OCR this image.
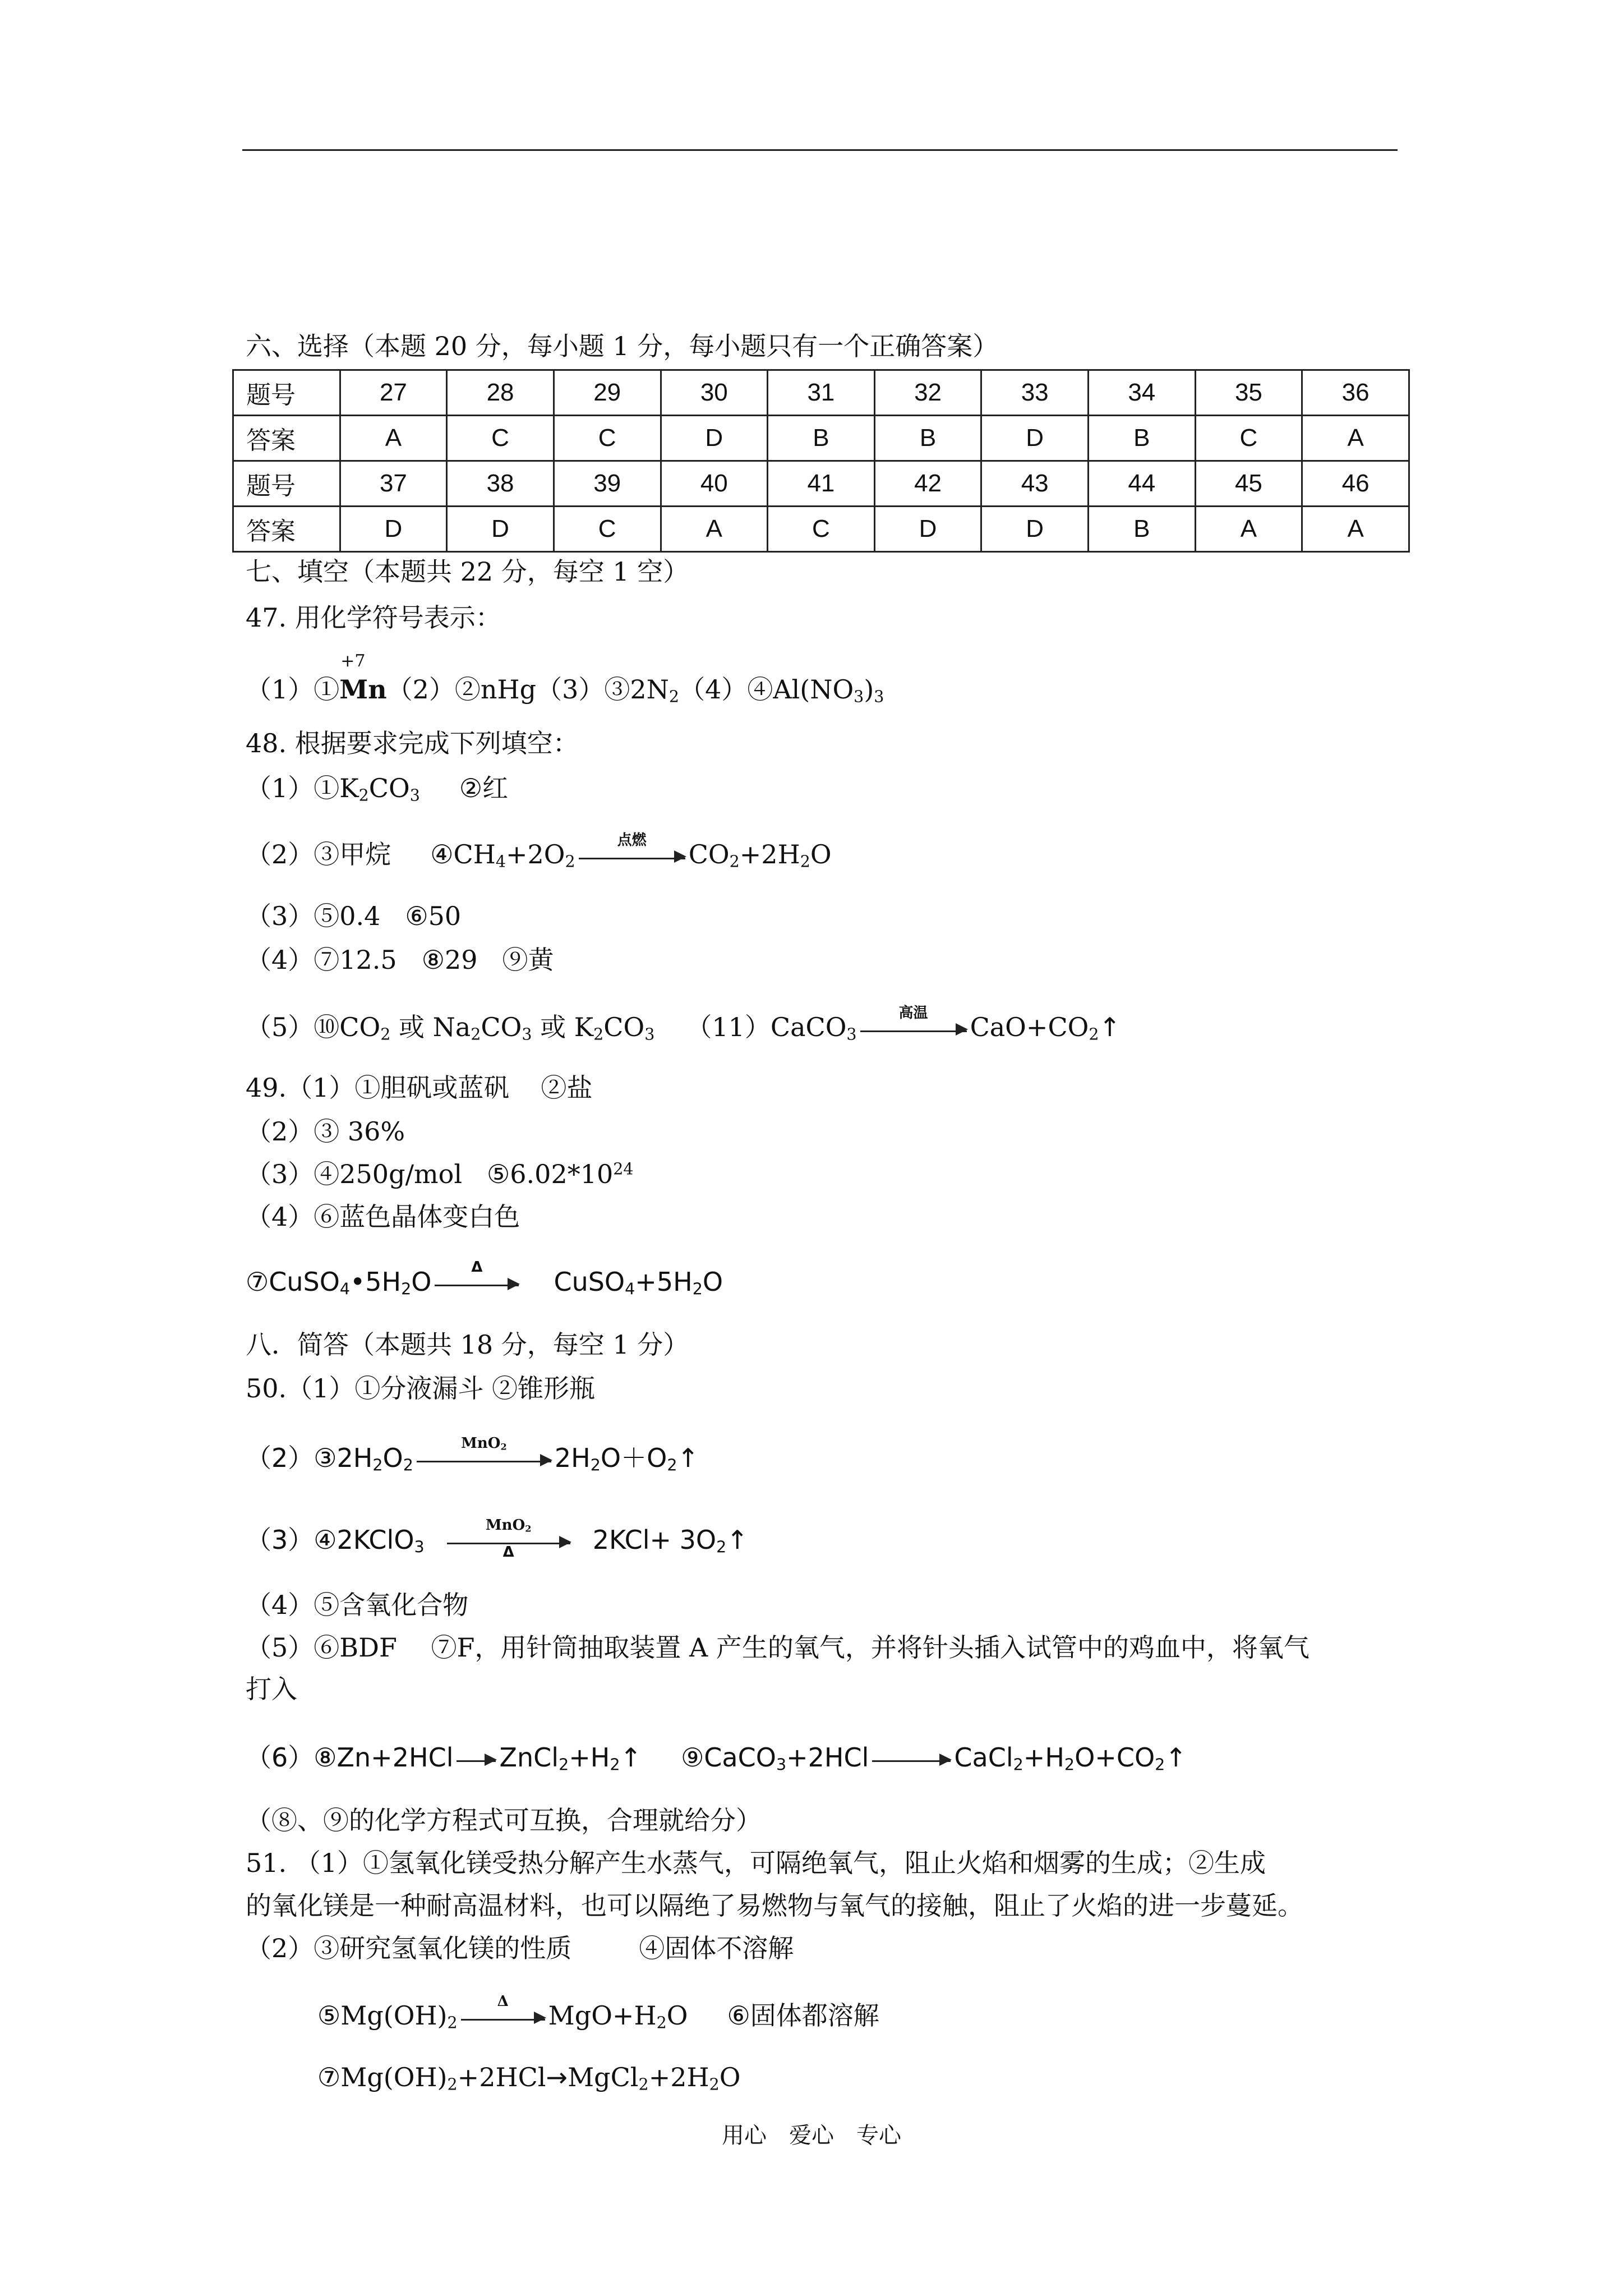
六、选择（本题 20 分，每小题 1 分，每小题只有一个正确答案）
题号	27	28	29	30	31	32	33	34	35	36
答案	A	C	C	D	B	B	D	B	C	A
题号	37	38	39	40	41	42	43	44	45	46
答案	D	D	C	A	C	D	D	B	A	A
七、填空（本题共 22 分，每空 1 空）
47. 用化学符号表示：
（1）①
+7
$Mn(2)②nHg(3)③2N_2(4)④Al(NO_3)_3$
48. 根据要求完成下列填空：
$(1)①K_2CO_3$ ②红
（2）③甲烷 $④CH_4+2O_2$
点燃	$CO_2+2H_2O$
（3）⑤0.4 ⑥50
（4）⑦12.5 ⑧29 ⑨黄
$(5)⑩CO_2$ 或 $Na_2CO_3$ 或 $K_2CO_3$ （11）CaCO$_3$
高温	$CaO+CO_2↑$
49.（1）①胆矾或蓝矾 ②盐
（2）③ 36%
（3）④250g/mol $⑤6.02*10^{24}$
（4）⑥蓝色晶体变白色
$⑦CuSO_4•5H_2O$	Δ	$CuSO_4+5H_2O$
八．简答（本题共 18 分，每空 1 分）
50.（1）①分液漏斗 ②锥形瓶
$(2)③2H_2O_2$
MnO$_2$	$2H_2O+O_2↑$
（3）④2KClO$_3$
MnO$_2$
Δ	$2KCl+ 3O_2↑$
（4）⑤含氧化合物
（5）⑥BDF　 ⑦F，用针筒抽取装置 A 产生的氧气，并将针头插入试管中的鸡血中，将氧气
打入
（6）⑧Zn+2HCl $ZnCl_2+H_2↑$ ⑨CaCO$_3$+2HCl	$CaCl_2+H_2O+CO_2↑$
（⑧、⑨的化学方程式可互换，合理就给分）
51. （1）①氢氧化镁受热分解产生水蒸气，可隔绝氧气，阻止火焰和烟雾的生成；②生成
的氧化镁是一种耐高温材料，也可以隔绝了易燃物与氧气的接触，阻止了火焰的进一步蔓延。
（2）③研究氢氧化镁的性质	④固体不溶解
$⑤Mg(OH)_2$
Δ	$MgO+H_2O$ ⑥固体都溶解
$⑦Mg(OH)_2+2HCl\to MgCl_2+2H_2O$
用心　爱心　专心
